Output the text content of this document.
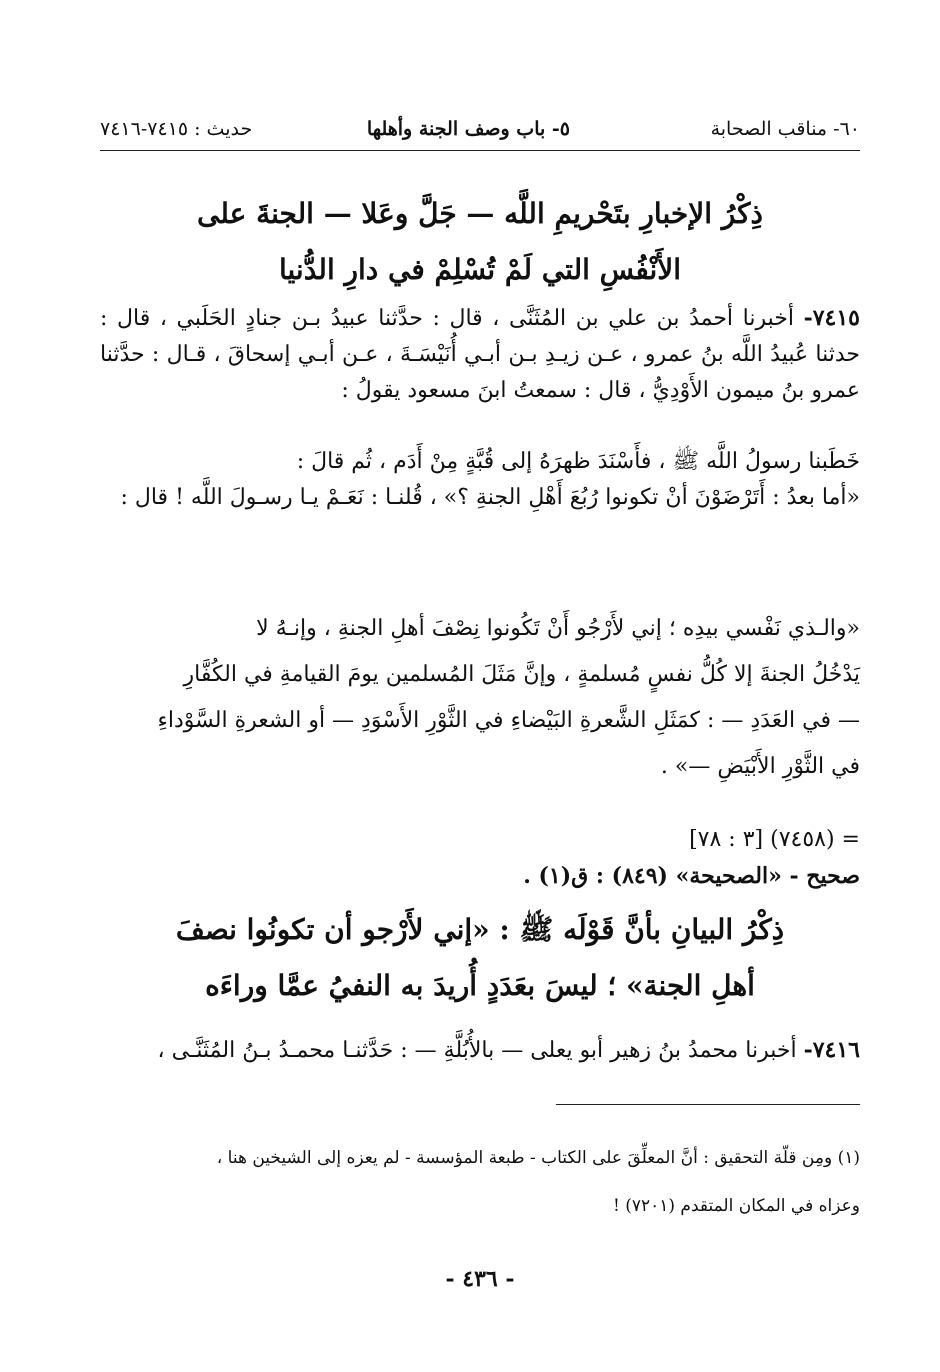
٦٠- مناقب الصحابة
٥- باب وصف الجنة وأهلها
حديث : ٧٤١٥-٧٤١٦
ذِكْرُ الإخبارِ بتَحْريمِ اللَّه — جَلَّ وعَلا — الجنةَ على
الأَنْفُسِ التي لَمْ تُسْلِمْ في دارِ الدُّنيا
٧٤١٥- أخبرنا أحمدُ بن علي بن المُثَنَّى ، قال : حدَّثنا عبيدُ بـن جنادٍ الحَلَبي ، قال : حدثنا عُبيدُ اللَّه بنُ عمرو ، عـن زيـدِ بـن أبـي أُنَيْسَـةَ ، عـن أبـي إسحاقَ ، قـال : حدَّثنا عمرو بنُ ميمون الأَوْدِيُّ ، قال : سمعتُ ابنَ مسعود يقولُ :
خَطَبنا رسولُ اللَّه ﷺ ، فأَسْنَدَ ظهرَهُ إلى قُبَّةٍ مِنْ أَدَم ، ثُم قالَ :
«أما بعدُ : أَتَرْضَوْنَ أنْ تكونوا رُبُعَ أَهْلِ الجنةِ ؟» ، قُلنـا : نَعَـمْ يـا رسـولَ اللَّه ! قال :
«والـذي نَفْسي بيدِه ؛ إني لأَرْجُو أَنْ تَكُونوا نِصْفَ أهلِ الجنةِ ، وإنـهُ لا
يَدْخُلُ الجنةَ إلا كُلُّ نفسٍ مُسلمةٍ ، وإنَّ مَثَلَ المُسلمين يومَ القيامةِ في الكُفَّارِ
— في العَدَدِ — : كمَثَلِ الشَّعرةِ البَيْضاءِ في الثَّوْرِ الأَسْوَدِ — أو الشعرةِ السَّوْداءِ
في الثَّوْرِ الأَبْيَضِ —» .
= (٧٤٥٨) [٣ : ٧٨]
صحيح - «الصحيحة» (٨٤٩) : ق(١) .
ذِكْرُ البيانِ بأنَّ قَوْلَه ﷺ : «إني لأَرْجو أن تكونُوا نصفَ
أهلِ الجنة» ؛ ليسَ بعَدَدٍ أُريدَ به النفيُ عمَّا وراءَه
٧٤١٦- أخبرنا محمدُ بنُ زهير أبو يعلى — بالأُبُلَّةِ — : حَدَّثنـا محمـدُ بـنُ المُثَنَّـى ،
(١) ومِن قلّة التحقيق : أنَّ المعلِّقَ على الكتاب - طبعة المؤسسة - لم يعزه إلى الشيخين هنا ،
وعزاه في المكان المتقدم (٧٢٠١) !
- ٤٣٦ -
